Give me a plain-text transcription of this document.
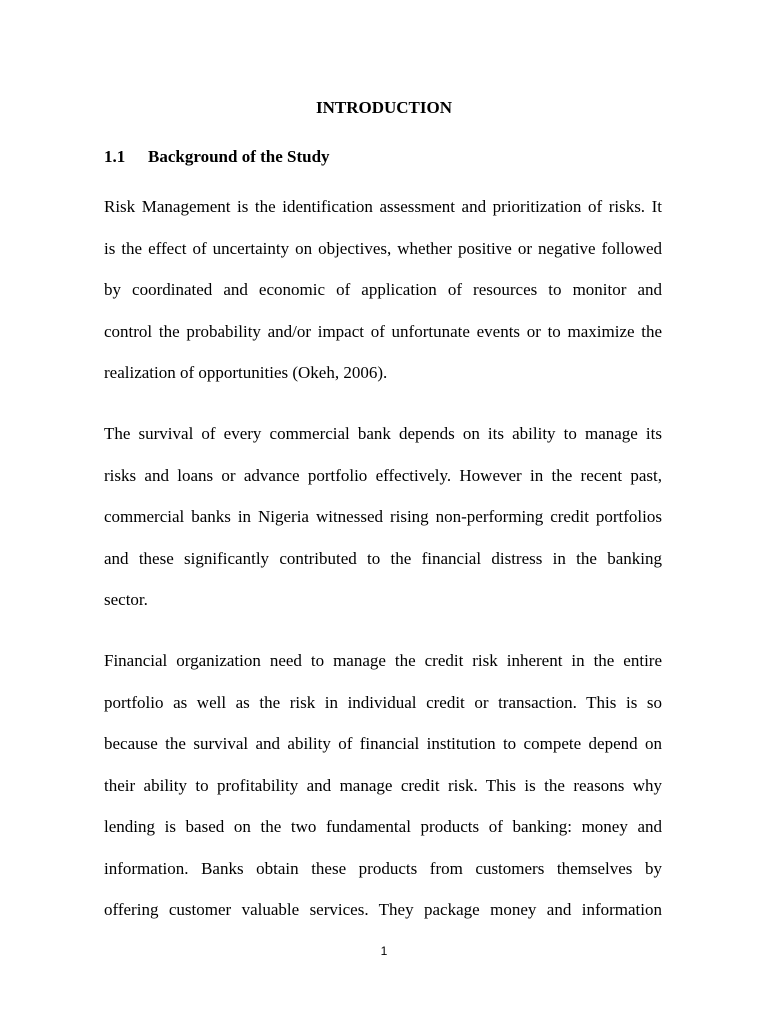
INTRODUCTION
1.1 Background of the Study

Risk Management is the identification assessment and prioritization of risks. It
is the effect of uncertainty on objectives, whether positive or negative followed
by coordinated and economic of application of resources to monitor and
control the probability and/or impact of unfortunate events or to maximize the
realization of opportunities (Okeh, 2006).

The survival of every commercial bank depends on its ability to manage its
risks and loans or advance portfolio effectively. However in the recent past,
commercial banks in Nigeria witnessed rising non-performing credit portfolios
and these significantly contributed to the financial distress in the banking
sector.

Financial organization need to manage the credit risk inherent in the entire
portfolio as well as the risk in individual credit or transaction. This is so
because the survival and ability of financial institution to compete depend on
their ability to profitability and manage credit risk. This is the reasons why
lending is based on the two fundamental products of banking: money and
information. Banks obtain these products from customers themselves by
offering customer valuable services. They package money and information

1
